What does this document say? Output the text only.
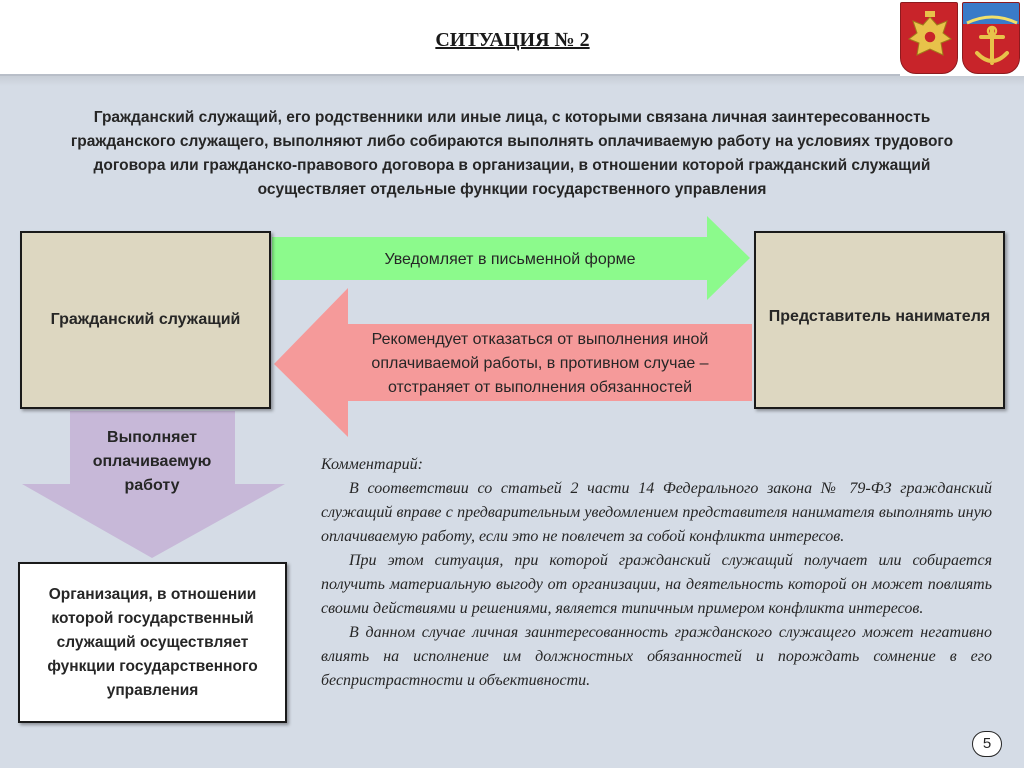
СИТУАЦИЯ № 2
Гражданский служащий, его родственники или иные лица, с которыми связана личная заинтересованность гражданского служащего, выполняют либо собираются выполнять оплачиваемую работу на условиях трудового договора или гражданско-правового договора в организации, в отношении которой гражданский служащий осуществляет отдельные функции государственного управления
Гражданский служащий	Представитель нанимателя
Уведомляет в письменной форме
Рекомендует отказаться от выполнения иной оплачиваемой работы, в противном случае – отстраняет от выполнения обязанностей
Выполняет оплачиваемую работу
Организация, в отношении которой государственный служащий осуществляет функции государственного управления

Комментарий:

В соответствии со статьей 2 части 14 Федерального закона № 79-ФЗ гражданский служащий вправе с предварительным уведомлением представителя нанимателя выполнять иную оплачиваемую работу, если это не повлечет за собой конфликта интересов.

При этом ситуация, при которой гражданский служащий получает или собирается получить материальную выгоду от организации, на деятельность которой он может повлиять своими действиями и решениями, является типичным примером конфликта интересов.

В данном случае личная заинтересованность гражданского служащего может негативно влиять на исполнение им должностных обязанностей и порождать сомнение в его беспристрастности и объективности.

5
